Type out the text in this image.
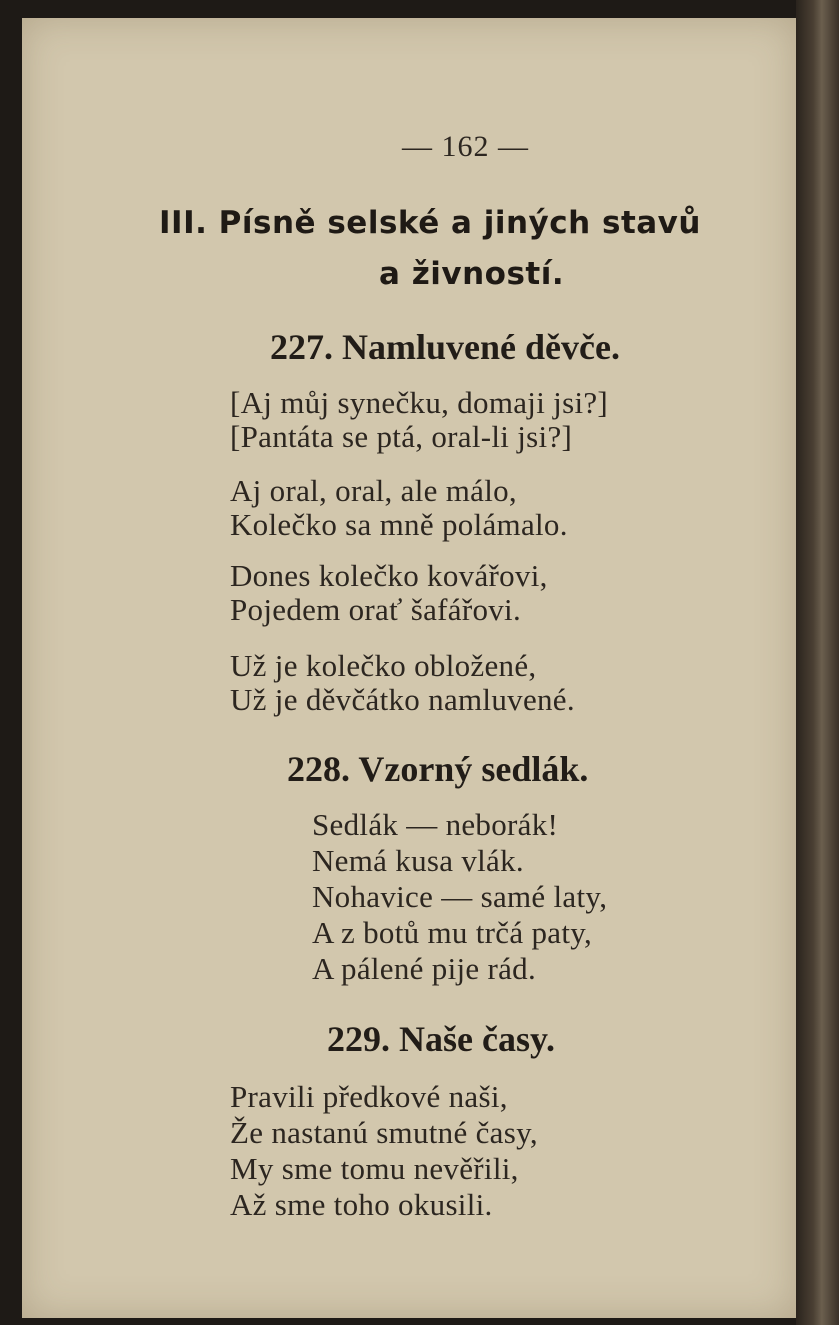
— 162 —
III. Písně selské a jiných stavů
a živností.
227. Namluvené děvče.
[Aj můj synečku, domaji jsi?]
[Pantáta se ptá, oral-li jsi?]
Aj oral, oral, ale málo,
Kolečko sa mně polámalo.
Dones kolečko kovářovi,
Pojedem orať šafářovi.
Už je kolečko obložené,
Už je děvčátko namluvené.
228. Vzorný sedlák.
Sedlák — neborák!
Nemá kusa vlák.
Nohavice — samé laty,
A z botů mu trčá paty,
A pálené pije rád.
229. Naše časy.
Pravili předkové naši,
Že nastanú smutné časy,
My sme tomu nevěřili,
Až sme toho okusili.
